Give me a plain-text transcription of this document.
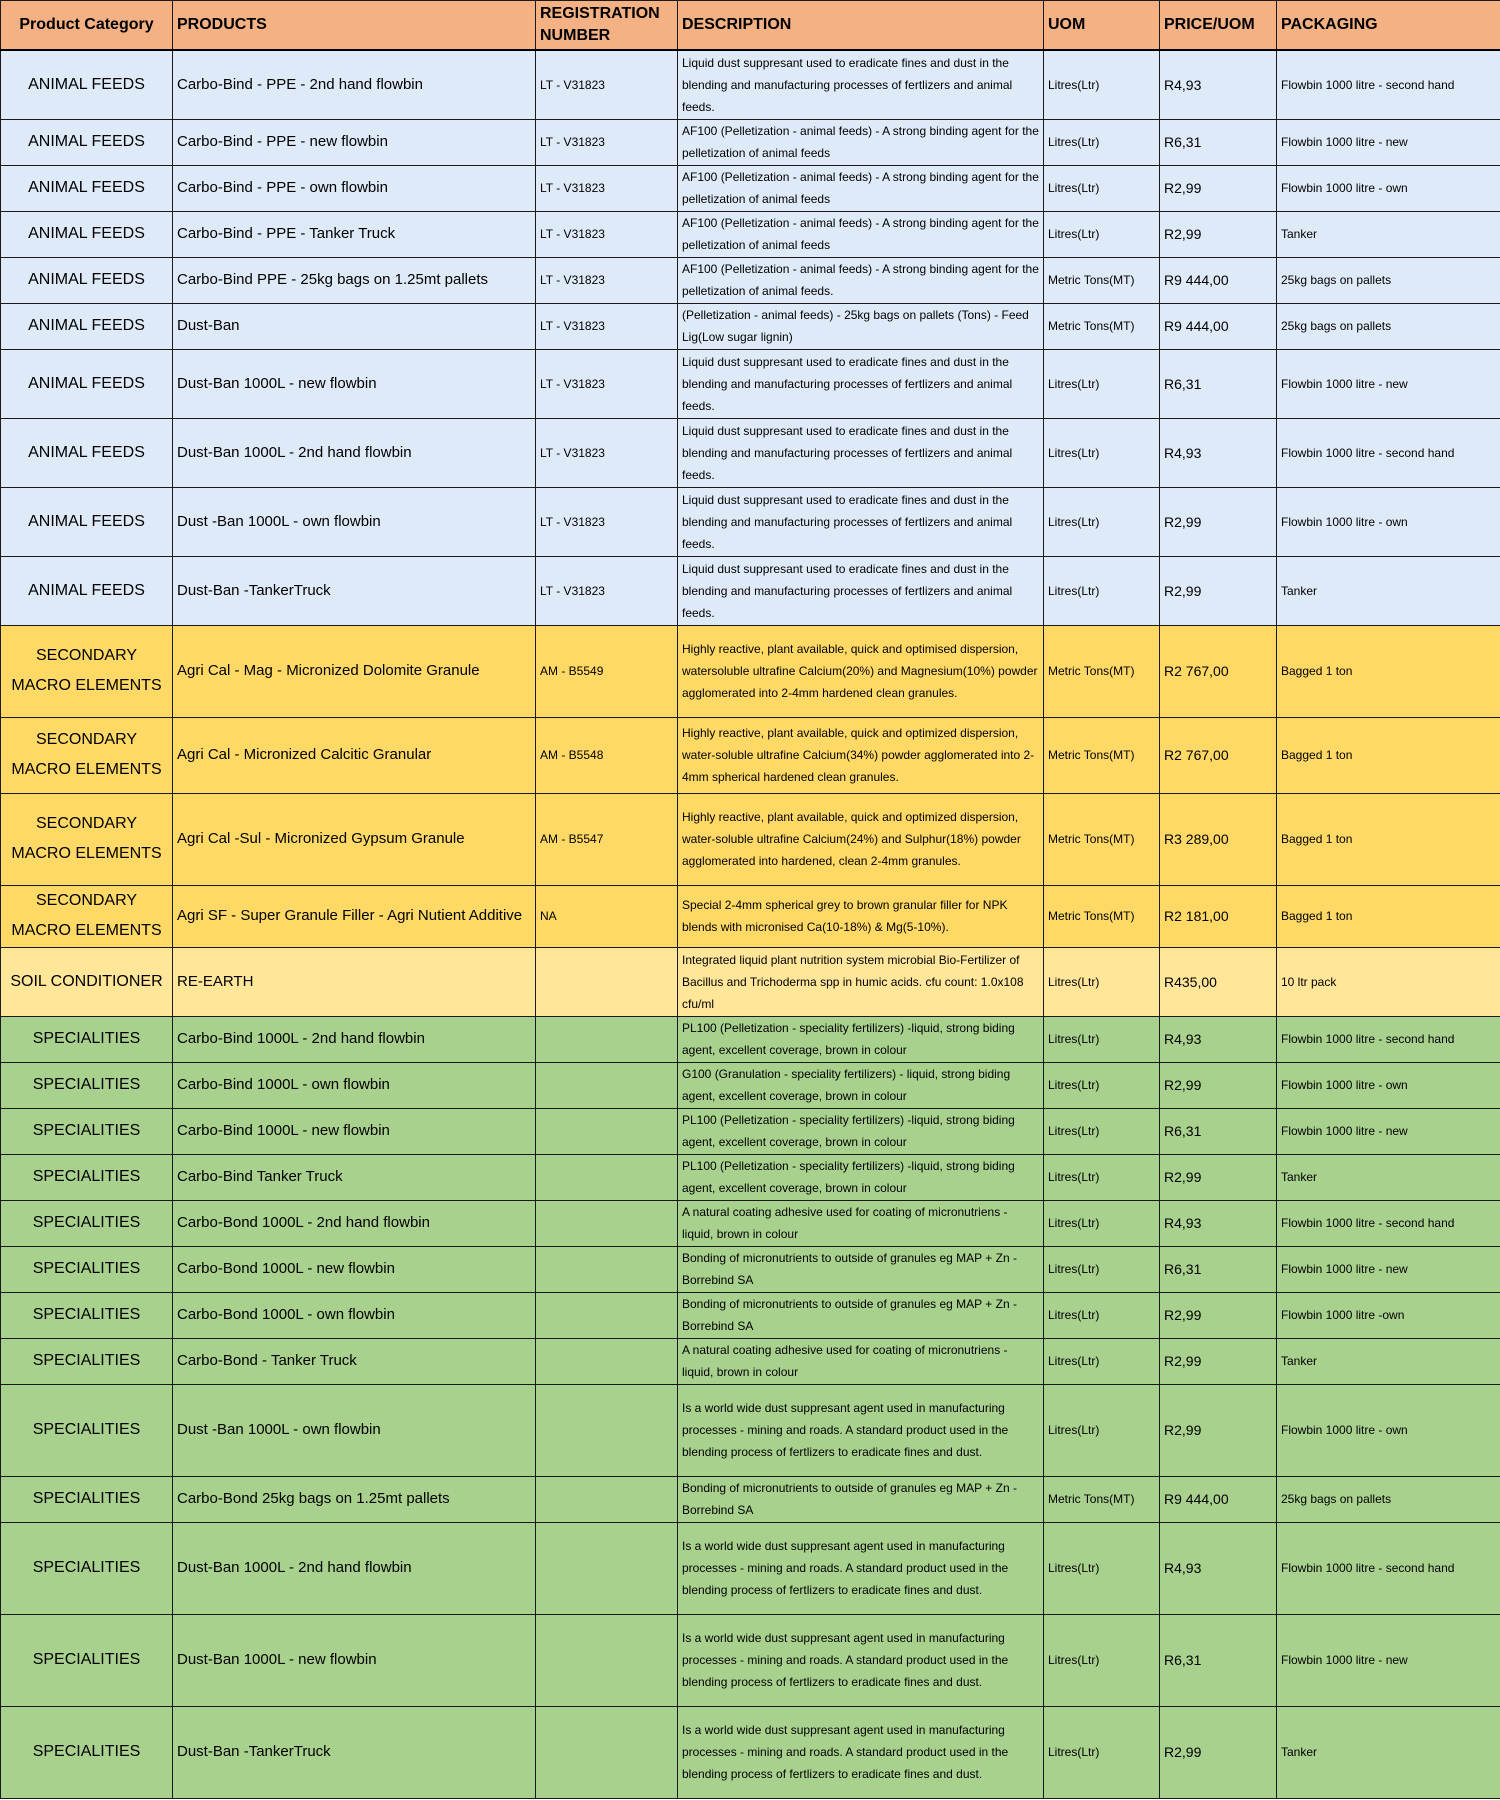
Product Category	PRODUCTS	REGISTRATION NUMBER	DESCRIPTION	UOM	PRICE/UOM	PACKAGING
ANIMAL FEEDS	Carbo-Bind - PPE - 2nd hand flowbin	LT - V31823	Liquid dust suppresant used to eradicate fines and dust in the blending and manufacturing processes of fertlizers and animal feeds.	Litres(Ltr)	R4,93	Flowbin 1000 litre - second hand
ANIMAL FEEDS	Carbo-Bind - PPE - new flowbin	LT - V31823	AF100 (Pelletization - animal feeds) - A strong binding agent for the pelletization of animal feeds	Litres(Ltr)	R6,31	Flowbin 1000 litre - new
ANIMAL FEEDS	Carbo-Bind - PPE - own flowbin	LT - V31823	AF100 (Pelletization - animal feeds) - A strong binding agent for the pelletization of animal feeds	Litres(Ltr)	R2,99	Flowbin 1000 litre - own
ANIMAL FEEDS	Carbo-Bind - PPE - Tanker Truck	LT - V31823	AF100 (Pelletization - animal feeds) - A strong binding agent for the pelletization of animal feeds	Litres(Ltr)	R2,99	Tanker
ANIMAL FEEDS	Carbo-Bind PPE - 25kg bags on 1.25mt pallets	LT - V31823	AF100 (Pelletization - animal feeds) - A strong binding agent for the pelletization of animal feeds.	Metric Tons(MT)	R9 444,00	25kg bags on pallets
ANIMAL FEEDS	Dust-Ban	LT - V31823	(Pelletization - animal feeds) - 25kg bags on pallets (Tons) - Feed Lig(Low sugar lignin)	Metric Tons(MT)	R9 444,00	25kg bags on pallets
ANIMAL FEEDS	Dust-Ban 1000L - new flowbin	LT - V31823	Liquid dust suppresant used to eradicate fines and dust in the blending and manufacturing processes of fertlizers and animal feeds.	Litres(Ltr)	R6,31	Flowbin 1000 litre - new
ANIMAL FEEDS	Dust-Ban 1000L - 2nd hand flowbin	LT - V31823	Liquid dust suppresant used to eradicate fines and dust in the blending and manufacturing processes of fertlizers and animal feeds.	Litres(Ltr)	R4,93	Flowbin 1000 litre - second hand
ANIMAL FEEDS	Dust -Ban 1000L - own flowbin	LT - V31823	Liquid dust suppresant used to eradicate fines and dust in the blending and manufacturing processes of fertlizers and animal feeds.	Litres(Ltr)	R2,99	Flowbin 1000 litre - own
ANIMAL FEEDS	Dust-Ban -TankerTruck	LT - V31823	Liquid dust suppresant used to eradicate fines and dust in the blending and manufacturing processes of fertlizers and animal feeds.	Litres(Ltr)	R2,99	Tanker
SECONDARY MACRO ELEMENTS	Agri Cal - Mag - Micronized Dolomite Granule	AM - B5549	Highly reactive, plant available, quick and optimised dispersion, watersoluble ultrafine Calcium(20%) and Magnesium(10%) powder agglomerated into 2-4mm hardened clean granules.	Metric Tons(MT)	R2 767,00	Bagged 1 ton
SECONDARY MACRO ELEMENTS	Agri Cal - Micronized Calcitic Granular	AM - B5548	Highly reactive, plant available, quick and optimized dispersion, water-soluble ultrafine Calcium(34%) powder agglomerated into 2-4mm spherical hardened clean granules.	Metric Tons(MT)	R2 767,00	Bagged 1 ton
SECONDARY MACRO ELEMENTS	Agri Cal -Sul - Micronized Gypsum Granule	AM - B5547	Highly reactive, plant available, quick and optimized dispersion, water-soluble ultrafine Calcium(24%) and Sulphur(18%) powder agglomerated into hardened, clean 2-4mm granules.	Metric Tons(MT)	R3 289,00	Bagged 1 ton
SECONDARY MACRO ELEMENTS	Agri SF - Super Granule Filler - Agri Nutient Additive	NA	Special 2-4mm spherical grey to brown granular filler for NPK blends with micronised Ca(10-18%) & Mg(5-10%).	Metric Tons(MT)	R2 181,00	Bagged 1 ton
SOIL CONDITIONER	RE-EARTH		Integrated liquid plant nutrition system microbial Bio-Fertilizer of Bacillus and Trichoderma spp in humic acids. cfu count: 1.0x108 cfu/ml	Litres(Ltr)	R435,00	10 ltr pack
SPECIALITIES	Carbo-Bind 1000L - 2nd hand flowbin		PL100 (Pelletization - speciality fertilizers) -liquid, strong biding agent, excellent coverage, brown in colour	Litres(Ltr)	R4,93	Flowbin 1000 litre - second hand
SPECIALITIES	Carbo-Bind 1000L - own flowbin		G100 (Granulation - speciality fertilizers) - liquid, strong biding agent, excellent coverage, brown in colour	Litres(Ltr)	R2,99	Flowbin 1000 litre - own
SPECIALITIES	Carbo-Bind 1000L - new flowbin		PL100 (Pelletization - speciality fertilizers) -liquid, strong biding agent, excellent coverage, brown in colour	Litres(Ltr)	R6,31	Flowbin 1000 litre - new
SPECIALITIES	Carbo-Bind Tanker Truck		PL100 (Pelletization - speciality fertilizers) -liquid, strong biding agent, excellent coverage, brown in colour	Litres(Ltr)	R2,99	Tanker
SPECIALITIES	Carbo-Bond 1000L - 2nd hand flowbin		A natural coating adhesive used for coating of micronutriens - liquid, brown in colour	Litres(Ltr)	R4,93	Flowbin 1000 litre - second hand
SPECIALITIES	Carbo-Bond 1000L - new flowbin		Bonding of micronutrients to outside of granules eg MAP + Zn - Borrebind SA	Litres(Ltr)	R6,31	Flowbin 1000 litre - new
SPECIALITIES	Carbo-Bond 1000L - own flowbin		Bonding of micronutrients to outside of granules eg MAP + Zn - Borrebind SA	Litres(Ltr)	R2,99	Flowbin 1000 litre -own
SPECIALITIES	Carbo-Bond - Tanker Truck		A natural coating adhesive used for coating of micronutriens - liquid, brown in colour	Litres(Ltr)	R2,99	Tanker
SPECIALITIES	Dust -Ban 1000L - own flowbin		Is a world wide dust suppresant agent used in manufacturing processes - mining and roads. A standard product used in the blending process of fertlizers to eradicate fines and dust.	Litres(Ltr)	R2,99	Flowbin 1000 litre - own
SPECIALITIES	Carbo-Bond 25kg bags on 1.25mt pallets		Bonding of micronutrients to outside of granules eg MAP + Zn - Borrebind SA	Metric Tons(MT)	R9 444,00	25kg bags on pallets
SPECIALITIES	Dust-Ban 1000L - 2nd hand flowbin		Is a world wide dust suppresant agent used in manufacturing processes - mining and roads. A standard product used in the blending process of fertlizers to eradicate fines and dust.	Litres(Ltr)	R4,93	Flowbin 1000 litre - second hand
SPECIALITIES	Dust-Ban 1000L - new flowbin		Is a world wide dust suppresant agent used in manufacturing processes - mining and roads. A standard product used in the blending process of fertlizers to eradicate fines and dust.	Litres(Ltr)	R6,31	Flowbin 1000 litre - new
SPECIALITIES	Dust-Ban -TankerTruck		Is a world wide dust suppresant agent used in manufacturing processes - mining and roads. A standard product used in the blending process of fertlizers to eradicate fines and dust.	Litres(Ltr)	R2,99	Tanker
